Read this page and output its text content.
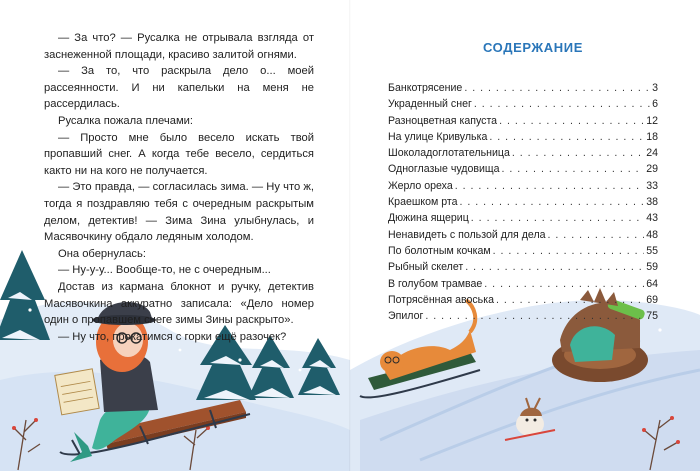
— За что? — Русалка не отрывала взгляда от заснеженной площади, красиво залитой огнями.

— За то, что раскрыла дело о... моей рассеянности. И ни капельки на меня не рассердилась.

Русалка пожала плечами:

— Просто мне было весело искать твой пропавший снег. А когда тебе весело, сердиться както ни на кого не получается.

— Это правда, — согласилась зима. — Ну что ж, тогда я поздравляю тебя с очередным раскрытым делом, детектив! — Зима Зина улыбнулась, и Масявочкину обдало ледяным холодом.

Она обернулась:

— Ну-у-у... Вообще-то, не с очередным...

Достав из кармана блокнот и ручку, детектив Масявочкина аккуратно записала: «Дело номер один о пропавшем снеге зимы Зины раскрыто».

— Ну что, прокатимся с горки ещё разочек?

СОДЕРЖАНИЕ
Банкотрясение . . .	3
Украденный снег . . .	6
Разноцветная капуста . . .	12
На улице Кривулька . . .	18
Шоколадоглотательница . . .	24
Одноглазые чудовища . . .	29
Жерло ореха . . .	33
Краешком рта . . .	38
Дюжина ящериц . . .	43
Ненавидеть с пользой для дела . . .	48
По болотным кочкам . . .	55
Рыбный скелет . . .	59
В голубом трамвае . . .	64
Потрясённая авоська . . .	69
Эпилог . . .	75
